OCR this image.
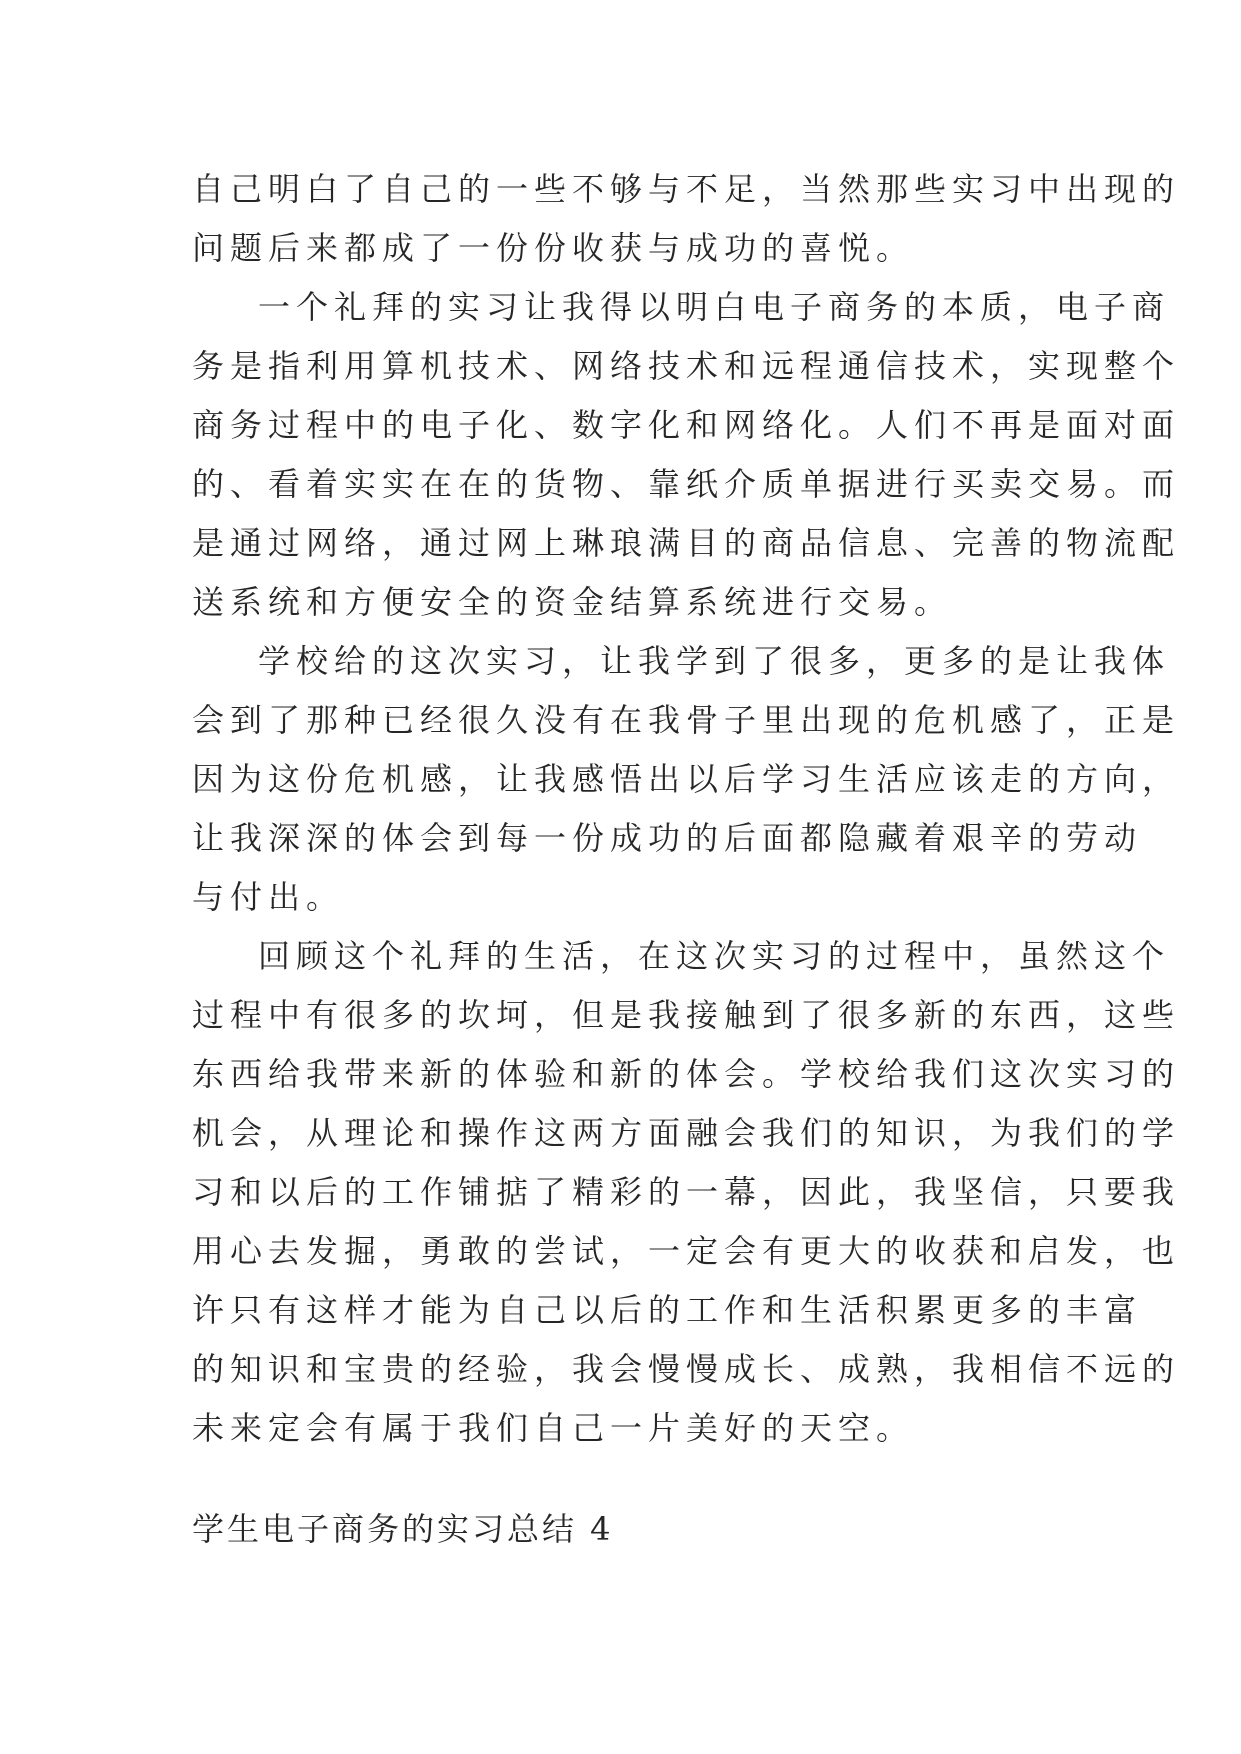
自己明白了自己的一些不够与不足，当然那些实习中出现的
问题后来都成了一份份收获与成功的喜悦。
一个礼拜的实习让我得以明白电子商务的本质，电子商
务是指利用算机技术、网络技术和远程通信技术，实现整个
商务过程中的电子化、数字化和网络化。人们不再是面对面
的、看着实实在在的货物、靠纸介质单据进行买卖交易。而
是通过网络，通过网上琳琅满目的商品信息、完善的物流配
送系统和方便安全的资金结算系统进行交易。
学校给的这次实习，让我学到了很多，更多的是让我体
会到了那种已经很久没有在我骨子里出现的危机感了，正是
因为这份危机感，让我感悟出以后学习生活应该走的方向，
让我深深的体会到每一份成功的后面都隐藏着艰辛的劳动
与付出。
回顾这个礼拜的生活，在这次实习的过程中，虽然这个
过程中有很多的坎坷，但是我接触到了很多新的东西，这些
东西给我带来新的体验和新的体会。学校给我们这次实习的
机会，从理论和操作这两方面融会我们的知识，为我们的学
习和以后的工作铺掂了精彩的一幕，因此，我坚信，只要我
用心去发掘，勇敢的尝试，一定会有更大的收获和启发，也
许只有这样才能为自己以后的工作和生活积累更多的丰富
的知识和宝贵的经验，我会慢慢成长、成熟，我相信不远的
未来定会有属于我们自己一片美好的天空。
学生电子商务的实习总结 4
